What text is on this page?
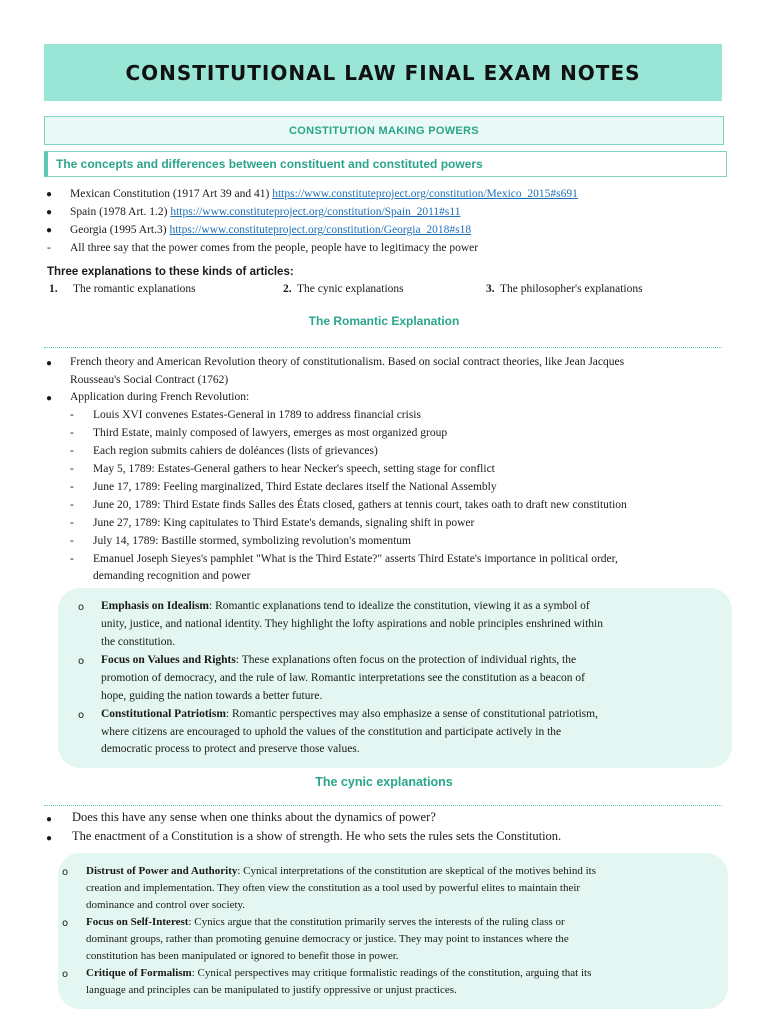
CONSTITUTIONAL LAW FINAL EXAM NOTES
CONSTITUTION MAKING POWERS
The concepts and differences between constituent and constituted powers
● Mexican Constitution (1917 Art 39 and 41) https://www.constituteproject.org/constitution/Mexico_2015#s691
● Spain (1978 Art. 1.2) https://www.constituteproject.org/constitution/Spain_2011#s11
● Georgia (1995 Art.3) https://www.constituteproject.org/constitution/Georgia_2018#s18
- All three say that the power comes from the people, people have to legitimacy the power
Three explanations to these kinds of articles:
1. The romantic explanations	2. The cynic explanations	3. The philosopher's explanations
The Romantic Explanation
● French theory and American Revolution theory of constitutionalism. Based on social contract theories, like Jean Jacques
Rousseau's Social Contract (1762)
● Application during French Revolution:
- Louis XVI convenes Estates-General in 1789 to address financial crisis
- Third Estate, mainly composed of lawyers, emerges as most organized group
- Each region submits cahiers de doléances (lists of grievances)
- May 5, 1789: Estates-General gathers to hear Necker's speech, setting stage for conflict
- June 17, 1789: Feeling marginalized, Third Estate declares itself the National Assembly
- June 20, 1789: Third Estate finds Salles des États closed, gathers at tennis court, takes oath to draft new constitution
- June 27, 1789: King capitulates to Third Estate's demands, signaling shift in power
- July 14, 1789: Bastille stormed, symbolizing revolution's momentum
- Emanuel Joseph Sieyes's pamphlet "What is the Third Estate?" asserts Third Estate's importance in political order,
demanding recognition and power
o Emphasis on Idealism: Romantic explanations tend to idealize the constitution, viewing it as a symbol of
unity, justice, and national identity. They highlight the lofty aspirations and noble principles enshrined within
the constitution.
o Focus on Values and Rights: These explanations often focus on the protection of individual rights, the
promotion of democracy, and the rule of law. Romantic interpretations see the constitution as a beacon of
hope, guiding the nation towards a better future.
o Constitutional Patriotism: Romantic perspectives may also emphasize a sense of constitutional patriotism,
where citizens are encouraged to uphold the values of the constitution and participate actively in the
democratic process to protect and preserve those values.
The cynic explanations
● Does this have any sense when one thinks about the dynamics of power?
● The enactment of a Constitution is a show of strength. He who sets the rules sets the Constitution.
o Distrust of Power and Authority: Cynical interpretations of the constitution are skeptical of the motives behind its
creation and implementation. They often view the constitution as a tool used by powerful elites to maintain their
dominance and control over society.
o Focus on Self-Interest: Cynics argue that the constitution primarily serves the interests of the ruling class or
dominant groups, rather than promoting genuine democracy or justice. They may point to instances where the
constitution has been manipulated or ignored to benefit those in power.
o Critique of Formalism: Cynical perspectives may critique formalistic readings of the constitution, arguing that its
language and principles can be manipulated to justify oppressive or unjust practices.
